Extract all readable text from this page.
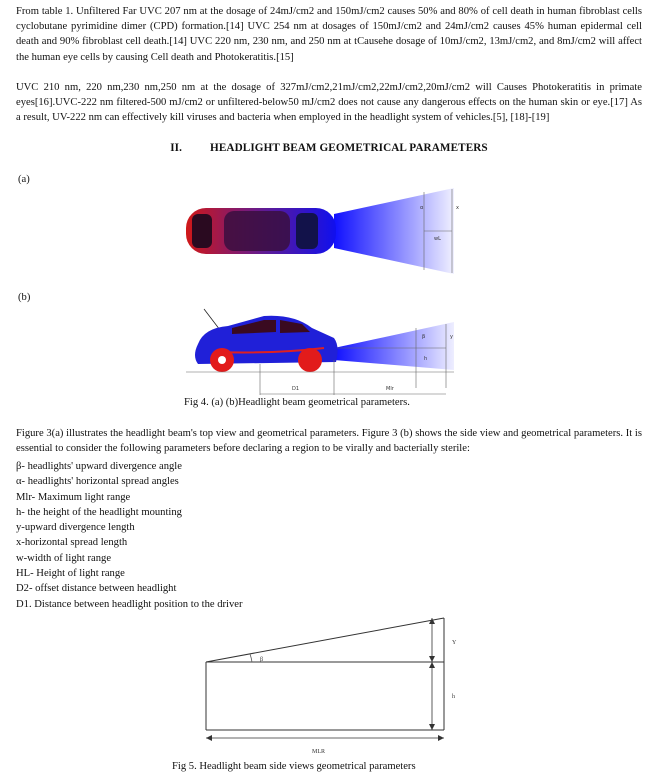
From table 1. Unfiltered Far UVC 207 nm at the dosage of 24mJ/cm2 and 150mJ/cm2 causes 50% and 80% of cell death in human fibroblast cells cyclobutane pyrimidine dimer (CPD) formation.[14] UVC 254 nm at dosages of 150mJ/cm2 and 24mJ/cm2 causes 45% human epidermal cell death and 90% fibroblast cell death.[14] UVC 220 nm, 230 nm, and 250 nm at tCausehe dosage of 10mJ/cm2, 13mJ/cm2, and 8mJ/cm2 will affect the human eye cells by causing Cell death and Photokeratitis.[15]

UVC 210 nm, 220 nm,230 nm,250 nm at the dosage of 327mJ/cm2,21mJ/cm2,22mJ/cm2,20mJ/cm2 will Causes Photokeratitis in primate eyes[16].UVC-222 nm filtered-500 mJ/cm2 or unfiltered-below50 mJ/cm2 does not cause any dangerous effects on the human skin or eye.[17] As a result, UV-222 nm can effectively kill viruses and bacteria when employed in the headlight system of vehicles.[5], [18]-[19]

II.	HEADLIGHT BEAM GEOMETRICAL PARAMETERS
(a)
(b)
α	x
wL
β	y
h
D1	Mlr
Fig 4. (a) (b)Headlight beam geometrical parameters.

Figure 3(a) illustrates the headlight beam's top view and geometrical parameters. Figure 3 (b) shows the side view and geometrical parameters. It is essential to consider the following parameters before declaring a region to be virally and bacterially sterile:

β- headlights' upward divergence angle
α- headlights' horizontal spread angles
Mlr- Maximum light range
h- the height of the headlight mounting
y-upward divergence length
x-horizontal spread length
w-width of light range
HL- Height of light range
D2- offset distance between headlight
D1. Distance between headlight position to the driver
β
Y
h
MLR
Fig 5. Headlight beam side views geometrical parameters
